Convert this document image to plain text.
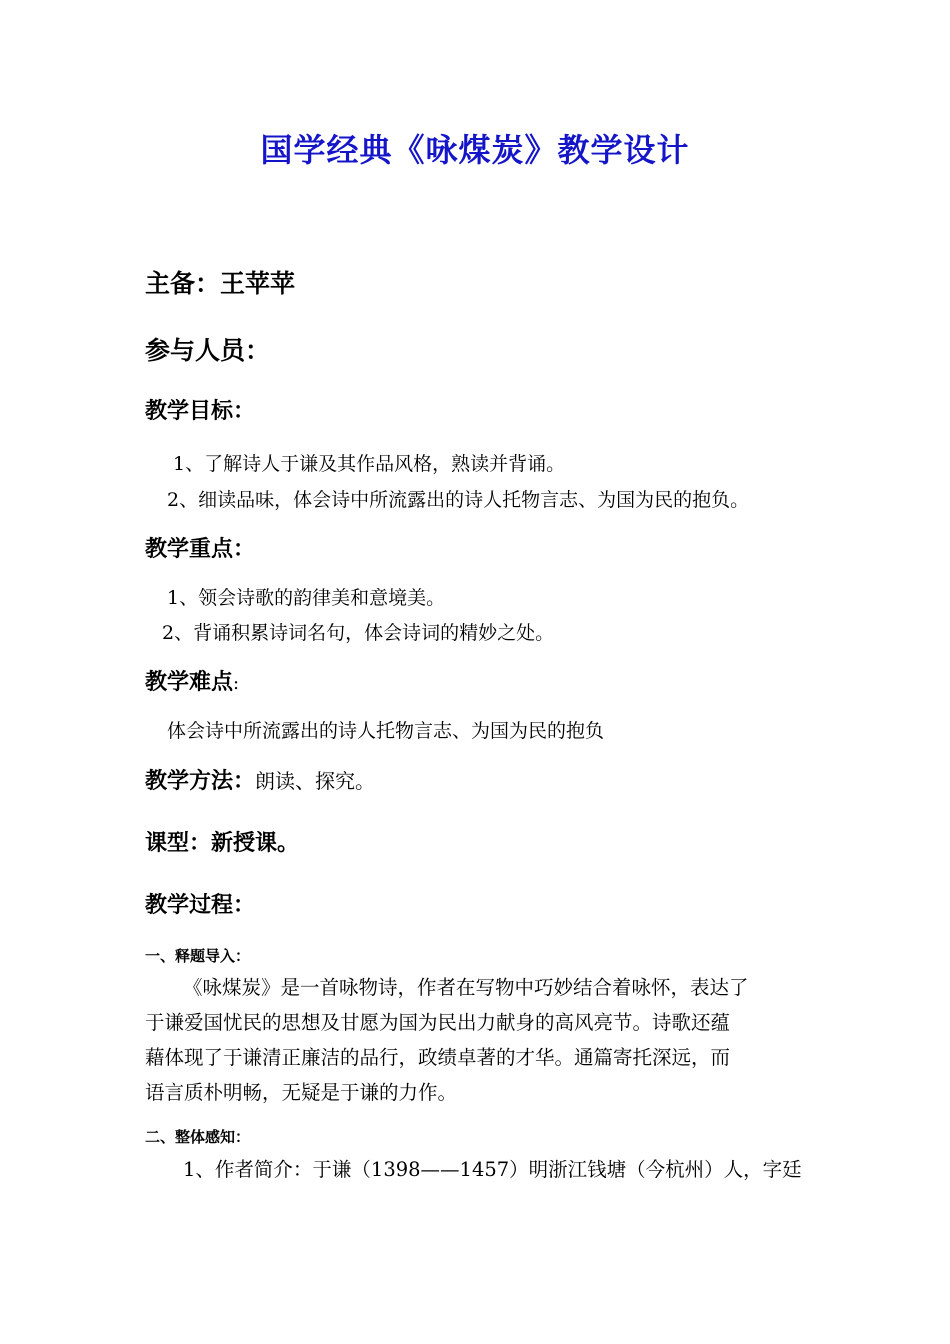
国学经典《咏煤炭》教学设计
主备：王苹苹
参与人员：
教学目标：
1、了解诗人于谦及其作品风格，熟读并背诵。
2、细读品味，体会诗中所流露出的诗人托物言志、为国为民的抱负。
教学重点：
1、领会诗歌的韵律美和意境美。
2、背诵积累诗词名句，体会诗词的精妙之处。
教学难点:
体会诗中所流露出的诗人托物言志、为国为民的抱负
教学方法：朗读、探究。
课型：新授课。
教学过程：
一、释题导入：
《咏煤炭》是一首咏物诗，作者在写物中巧妙结合着咏怀，表达了
于谦爱国忧民的思想及甘愿为国为民出力献身的高风亮节。诗歌还蕴
藉体现了于谦清正廉洁的品行，政绩卓著的才华。通篇寄托深远，而
语言质朴明畅，无疑是于谦的力作。
二、整体感知：
1、作者简介：于谦（1398——1457）明浙江钱塘（今杭州）人，字廷
